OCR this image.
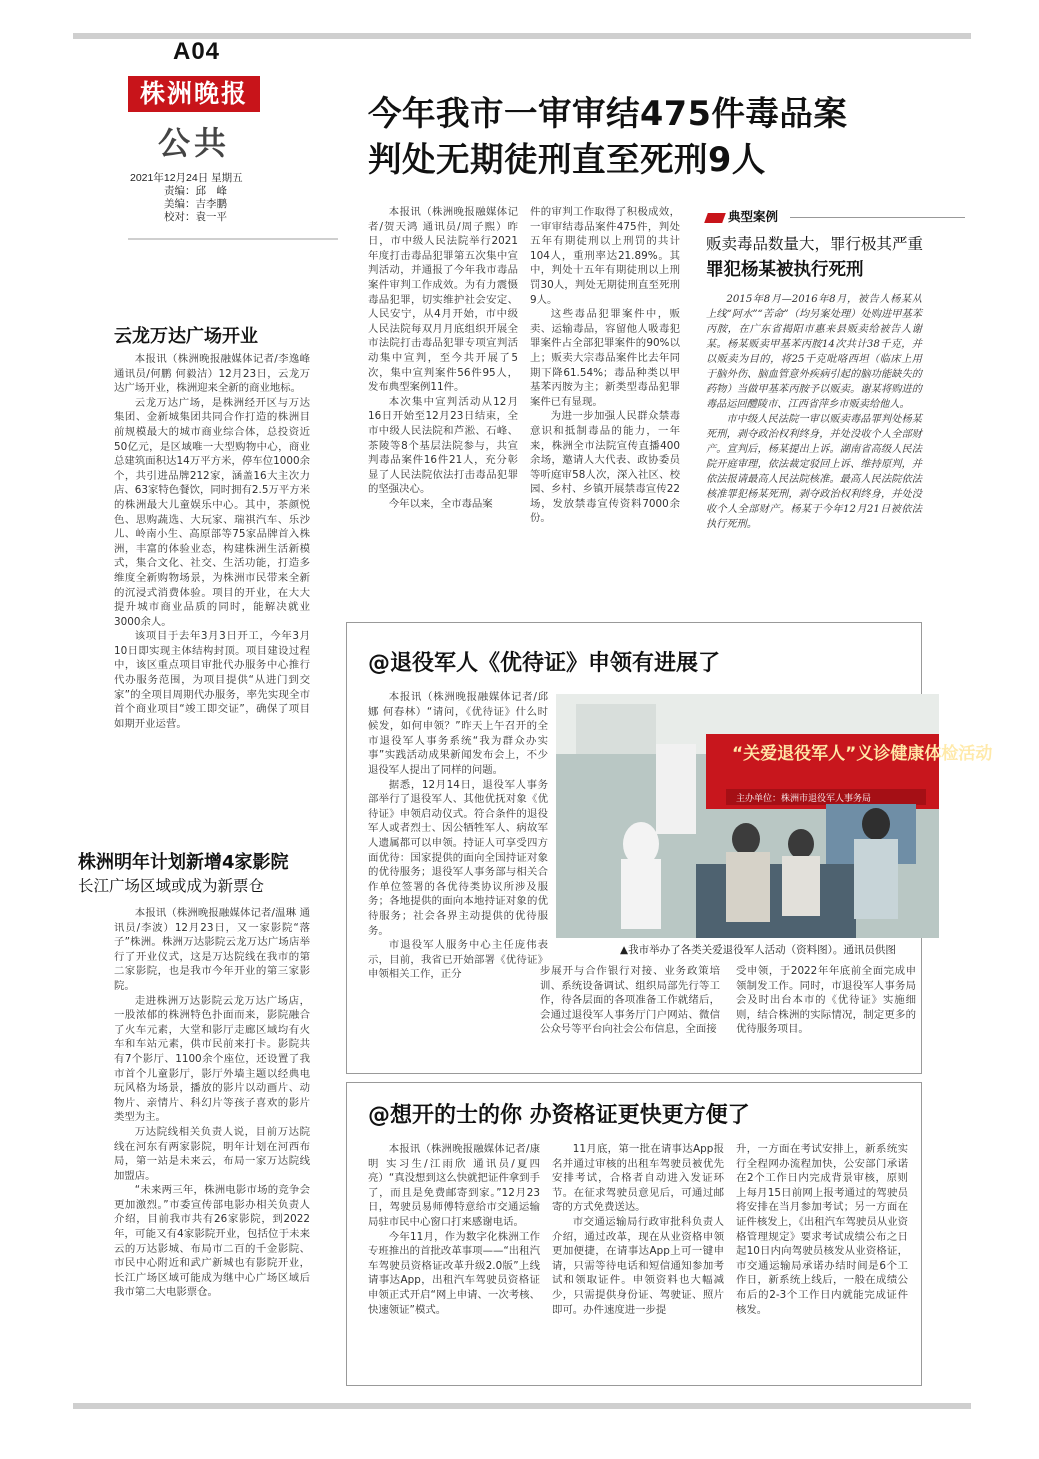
A04
株洲晚报
公共
2021年12月24日 星期五
责编：邱　峰
美编：吉李鹏
校对：袁一平
今年我市一审审结475件毒品案
判处无期徒刑直至死刑9人

本报讯（株洲晚报融媒体记者/贺天鸿 通讯员/周子熙）昨日，市中级人民法院举行2021年度打击毒品犯罪第五次集中宣判活动，并通报了今年我市毒品案件审判工作成效。为有力震慑毒品犯罪，切实维护社会安定、人民安宁，从4月开始，市中级人民法院每双月月底组织开展全市法院打击毒品犯罪专项宣判活动集中宣判，至今共开展了5次，集中宣判案件56件95人，发布典型案例11件。

本次集中宣判活动从12月16日开始至12月23日结束，全市中级人民法院和芦淞、石峰、茶陵等8个基层法院参与，共宣判毒品案件16件21人，充分彰显了人民法院依法打击毒品犯罪的坚强决心。

今年以来，全市毒品案

件的审判工作取得了积极成效，一审审结毒品案件475件，判处五年有期徒刑以上刑罚的共计104人，重刑率达21.89%。其中，判处十五年有期徒刑以上刑罚30人，判处无期徒刑直至死刑9人。

这些毒品犯罪案件中，贩卖、运输毒品，容留他人吸毒犯罪案件占全部犯罪案件的90%以上；贩卖大宗毒品案件比去年同期下降61.54%；毒品种类以甲基苯丙胺为主；新类型毒品犯罪案件已有显现。

为进一步加强人民群众禁毒意识和抵制毒品的能力，一年来，株洲全市法院宣传直播400余场，邀请人大代表、政协委员等听庭审58人次，深入社区、校园、乡村、乡镇开展禁毒宣传22场，发放禁毒宣传资料7000余份。

典型案例
贩卖毒品数量大，罪行极其严重
罪犯杨某被执行死刑

2015年8月—2016年8月，被告人杨某从上线“阿水”“苦命”（均另案处理）处购进甲基苯丙胺，在广东省揭阳市惠来县贩卖给被告人谢某。杨某贩卖甲基苯丙胺14次共计38千克，并以贩卖为目的，将25千克吡咯西坦（临床上用于脑外伤、脑血管意外疾病引起的脑功能缺失的药物）当做甲基苯丙胺予以贩卖。谢某将购进的毒品运回醴陵市、江西省萍乡市贩卖给他人。

市中级人民法院一审以贩卖毒品罪判处杨某死刑，剥夺政治权利终身，并处没收个人全部财产。宣判后，杨某提出上诉。湖南省高级人民法院开庭审理，依法裁定驳回上诉、维持原判，并依法报请最高人民法院核准。最高人民法院依法核准罪犯杨某死刑，剥夺政治权利终身，并处没收个人全部财产。杨某于今年12月21日被依法执行死刑。

云龙万达广场开业

本报讯（株洲晚报融媒体记者/李逸峰 通讯员/何鹏 何毅洁）12月23日，云龙万达广场开业，株洲迎来全新的商业地标。

云龙万达广场，是株洲经开区与万达集团、金新城集团共同合作打造的株洲目前规模最大的城市商业综合体，总投资近50亿元，是区域唯一大型购物中心，商业总建筑面积达14万平方米，停车位1000余个，共引进品牌212家，涵盖16大主次力店、63家特色餐饮，同时拥有2.5万平方米的株洲最大儿童娱乐中心。其中，茶颜悦色、思购蔬选、大玩家、瑞祺汽车、乐沙儿、岭南小生、高原部等75家品牌首入株洲，丰富的体验业态，构建株洲生活新模式，集合文化、社交、生活功能，打造多维度全新购物场景，为株洲市民带来全新的沉浸式消费体验。项目的开业，在大大提升城市商业品质的同时，能解决就业3000余人。

该项目于去年3月3日开工，今年3月10日即实现主体结构封顶。项目建设过程中，该区重点项目审批代办服务中心推行代办服务范围，为项目提供“从进门到交家”的全项目周期代办服务，率先实现全市首个商业项目“竣工即交证”，确保了项目如期开业运营。

株洲明年计划新增4家影院
长江广场区域或成为新票仓

本报讯（株洲晚报融媒体记者/温琳 通讯员/李波）12月23日，又一家影院“落子”株洲。株洲万达影院云龙万达广场店举行了开业仪式，这是万达院线在我市的第二家影院，也是我市今年开业的第三家影院。

走进株洲万达影院云龙万达广场店，一股浓郁的株洲特色扑面而来，影院融合了火车元素，大堂和影厅走廊区域均有火车和车站元素，供市民前来打卡。影院共有7个影厅、1100余个座位，还设置了我市首个儿童影厅，影厅外墙主题以经典电玩风格为场景，播放的影片以动画片、动物片、亲情片、科幻片等孩子喜欢的影片类型为主。

万达院线相关负责人说，目前万达院线在河东有两家影院，明年计划在河西布局，第一站是未来云，布局一家万达院线加盟店。

“未来两三年，株洲电影市场的竞争会更加激烈。”市委宣传部电影办相关负责人介绍，目前我市共有26家影院，到2022年，可能又有4家影院开业，包括位于未来云的万达影城、布局市二百的千金影院、市民中心附近和武广新城也有影院开业，长江广场区域可能成为继中心广场区域后我市第二大电影票仓。

@退役军人《优待证》申领有进展了

本报讯（株洲晚报融媒体记者/邱娜 何春林）“请问，《优待证》什么时候发，如何申领？”昨天上午召开的全市退役军人事务系统“我为群众办实事”实践活动成果新闻发布会上，不少退役军人提出了同样的问题。

据悉，12月14日，退役军人事务部举行了退役军人、其他优抚对象《优待证》申领启动仪式。符合条件的退役军人或者烈士、因公牺牲军人、病故军人遗属都可以申领。持证人可享受四方面优待：国家提供的面向全国持证对象的优待服务；退役军人事务部与相关合作单位签署的各优待类协议所涉及服务；各地提供的面向本地持证对象的优待服务；社会各界主动提供的优待服务。

市退役军人服务中心主任庞伟表示，目前，我省已开始部署《优待证》申领相关工作，正分

“关爱退役军人”义诊健康体检活动
主办单位：株洲市退役军人事务局
▲我市举办了各类关爱退役军人活动（资料图）。通讯员供图

步展开与合作银行对接、业务政策培训、系统设备调试、组织局部先行等工作，待各层面的各项准备工作就绪后，会通过退役军人事务厅门户网站、微信公众号等平台向社会公布信息，全面接

受申领，于2022年年底前全面完成申领制发工作。同时，市退役军人事务局会及时出台本市的《优待证》实施细则，结合株洲的实际情况，制定更多的优待服务项目。

@想开的士的你 办资格证更快更方便了

本报讯（株洲晚报融媒体记者/康明 实习生/江雨欣 通讯员/夏四亮）“真没想到这么快就把证件拿到手了，而且是免费邮寄到家。”12月23日，驾驶员易师傅特意给市交通运输局驻市民中心窗口打来感谢电话。

今年11月，作为数字化株洲工作专班推出的首批改革事项——“出租汽车驾驶员资格证改革升级2.0版”上线请事达App，出租汽车驾驶员资格证申领正式开启“网上申请、一次考核、快速领证”模式。

11月底，第一批在请事达App报名并通过审核的出租车驾驶员被优先安排考试，合格者自动进入发证环节。在征求驾驶员意见后，可通过邮寄的方式免费送达。

市交通运输局行政审批科负责人介绍，通过改革，现在从业资格申领更加便捷，在请事达App上可一键申请，只需等待电话和短信通知参加考试和领取证件。申领资料也大幅减少，只需提供身份证、驾驶证、照片即可。办件速度进一步提

升，一方面在考试安排上，新系统实行全程网办流程加快，公安部门承诺在2个工作日内完成背景审核，原则上每月15日前网上报考通过的驾驶员将安排在当月参加考试；另一方面在证件核发上，《出租汽车驾驶员从业资格管理规定》要求考试成绩公布之日起10日内向驾驶员核发从业资格证，市交通运输局承诺办结时间是6个工作日，新系统上线后，一般在成绩公布后的2-3个工作日内就能完成证件核发。
